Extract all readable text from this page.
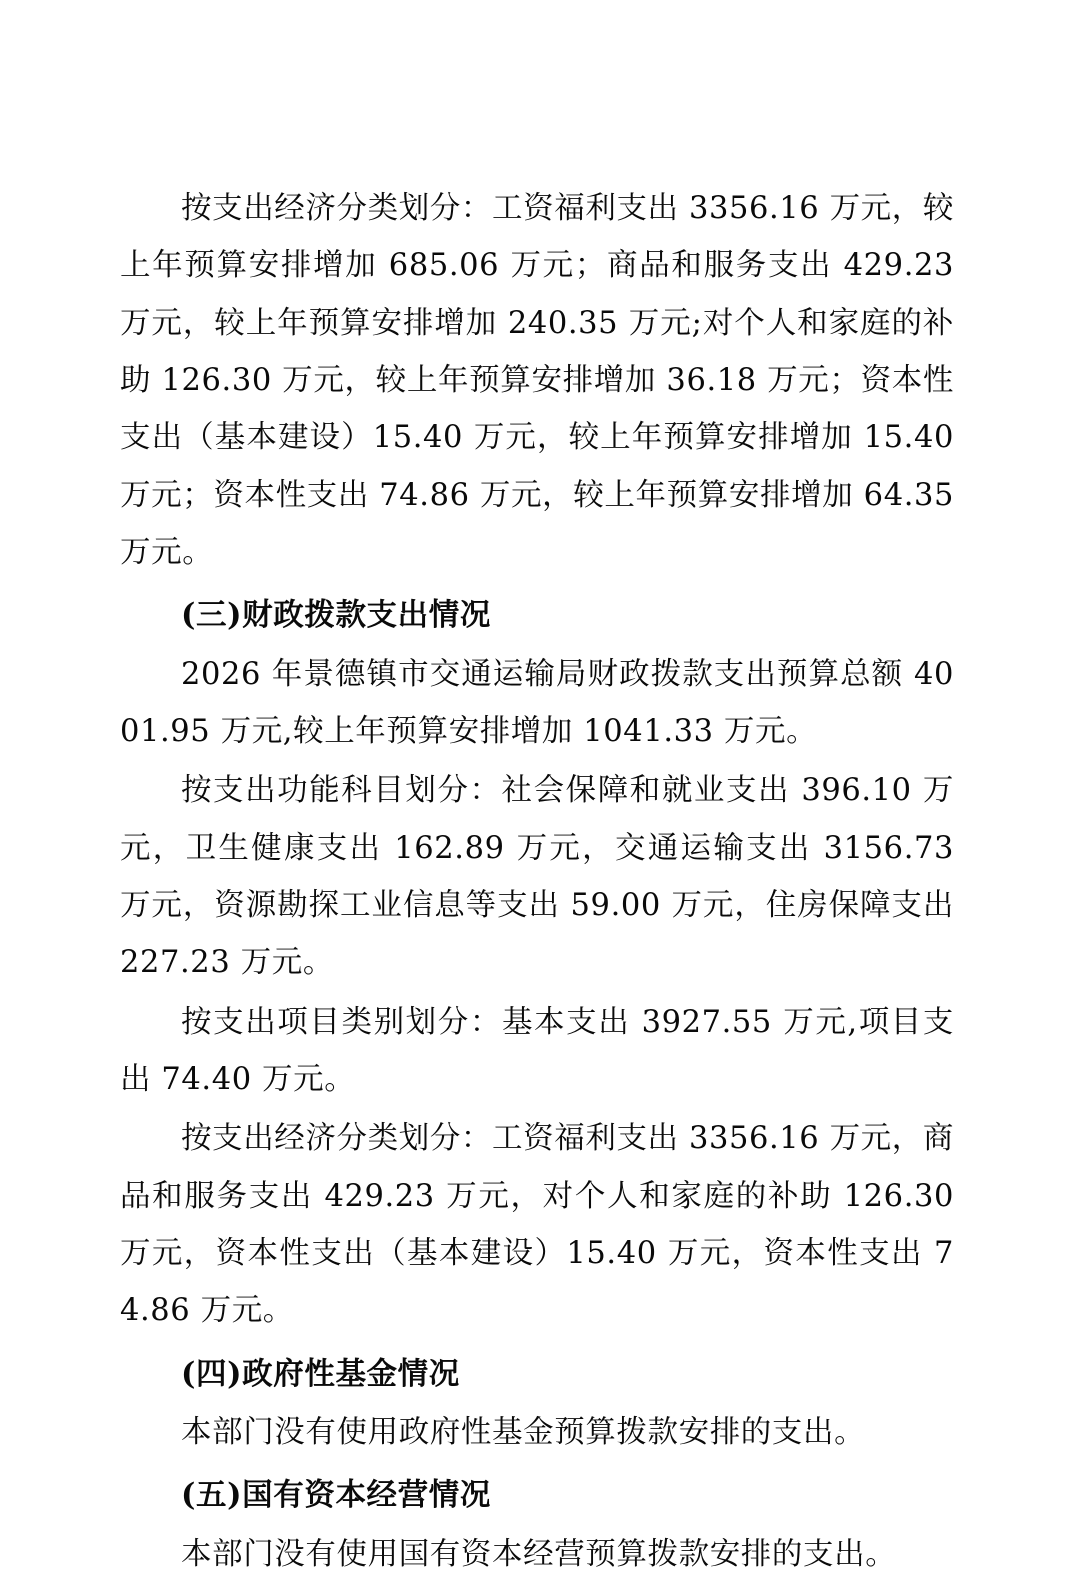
按支出经济分类划分：工资福利支出 3356.16 万元，较上年预算安排增加 685.06 万元；商品和服务支出 429.23 万元，较上年预算安排增加 240.35 万元;对个人和家庭的补助 126.30 万元，较上年预算安排增加 36.18 万元；资本性支出（基本建设）15.40 万元，较上年预算安排增加 15.40 万元；资本性支出 74.86 万元，较上年预算安排增加 64.35 万元。

(三)财政拨款支出情况

2026 年景德镇市交通运输局财政拨款支出预算总额 4001.95 万元,较上年预算安排增加 1041.33 万元。

按支出功能科目划分：社会保障和就业支出 396.10 万元，卫生健康支出 162.89 万元，交通运输支出 3156.73 万元，资源勘探工业信息等支出 59.00 万元，住房保障支出 227.23 万元。

按支出项目类别划分：基本支出 3927.55 万元,项目支出 74.40 万元。

按支出经济分类划分：工资福利支出 3356.16 万元，商品和服务支出 429.23 万元，对个人和家庭的补助 126.30 万元，资本性支出（基本建设）15.40 万元，资本性支出 74.86 万元。

(四)政府性基金情况

本部门没有使用政府性基金预算拨款安排的支出。

(五)国有资本经营情况

本部门没有使用国有资本经营预算拨款安排的支出。
